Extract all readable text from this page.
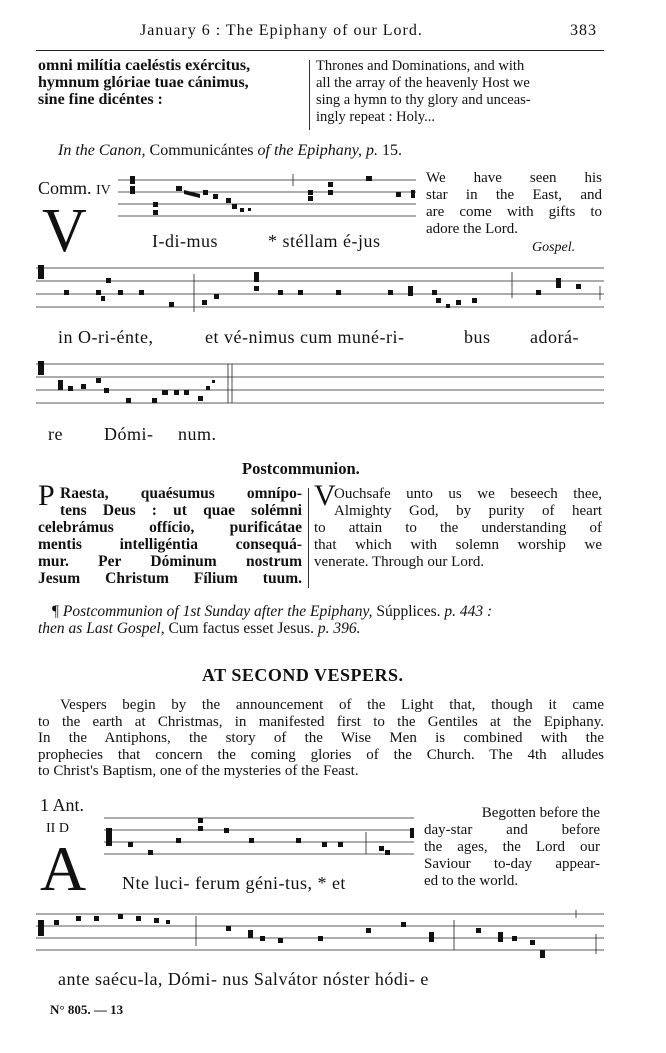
January 6 : The Epiphany of our Lord.	383
omni milítia caeléstis exércitus,
hymnum glóriae tuae cánimus,
sine fine dicéntes :
Thrones and Dominations, and with
all the array of the heavenly Host we
sing a hymn to thy glory and unceas-
ingly repeat : Holy...
In the Canon, Communicántes of the Epiphany, p. 15.
Comm. IV
V	I-di-mus	* stéllam é-jus
We have seen his
star in the East, and
are come with gifts to
adore the Lord.
Gospel.
in O-ri-énte,	et vé-nimus cum muné-ri-	bus adorá-
re Dómi- num.
Postcommunion.
P Raesta, quaésumus omnípo-
tens Deus : ut quae solémni
celebrámus offício, purificátae
mentis intelligéntia consequá-
mur. Per Dóminum nostrum
Jesum Christum Fílium tuum.
V
Ouchsafe unto us we beseech thee,
Almighty God, by purity of heart
to attain to the understanding of
that which with solemn worship we
venerate. Through our Lord.
¶ Postcommunion of 1st Sunday after the Epiphany, Súpplices. p. 443 :
then as Last Gospel, Cum factus esset Jesus. p. 396.
AT SECOND VESPERS.
Vespers begin by the announcement of the Light that, though it came
to the earth at Christmas, in manifested first to the Gentiles at the Epiphany.
In the Antiphons, the story of the Wise Men is combined with the
prophecies that concern the coming glories of the Church. The 4th alludes
to Christ's Baptism, one of the mysteries of the Feast.
1 Ant.
II D
A Nte luci- ferum géni-tus, * et
Begotten before the
day-star and before
the ages, the Lord our
Saviour to-day appear-
ed to the world.
ante saécu-la, Dómi- nus Salvátor nóster hódi- e
N° 805. — 13
